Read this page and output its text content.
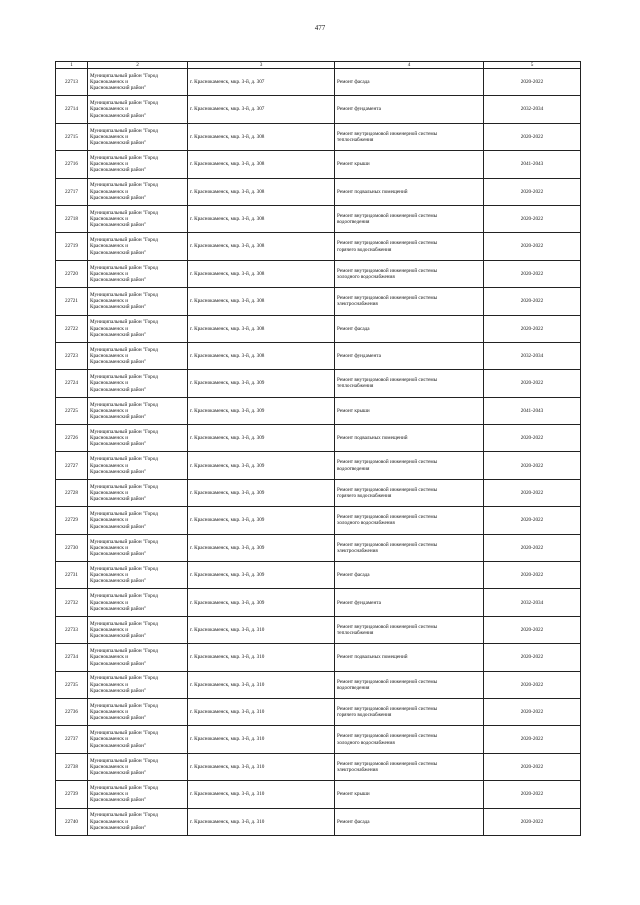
477
1	2	3	4	5
22713	Муниципальный район "Город
Краснокаменск и
Краснокаменский район"	г. Краснокаменск, мкр. 3-й, д. 307	Ремонт фасада	2020-2022
22714	Муниципальный район "Город
Краснокаменск и
Краснокаменский район"	г. Краснокаменск, мкр. 3-й, д. 307	Ремонт фундамента	2032-2034
22715	Муниципальный район "Город
Краснокаменск и
Краснокаменский район"	г. Краснокаменск, мкр. 3-й, д. 308	Ремонт внутридомовой инженерной системы
теплоснабжения	2020-2022
22716	Муниципальный район "Город
Краснокаменск и
Краснокаменский район"	г. Краснокаменск, мкр. 3-й, д. 308	Ремонт крыши	2041-2043
22717	Муниципальный район "Город
Краснокаменск и
Краснокаменский район"	г. Краснокаменск, мкр. 3-й, д. 308	Ремонт подвальных помещений	2020-2022
22718	Муниципальный район "Город
Краснокаменск и
Краснокаменский район"	г. Краснокаменск, мкр. 3-й, д. 308	Ремонт внутридомовой инженерной системы
водоотведения	2020-2022
22719	Муниципальный район "Город
Краснокаменск и
Краснокаменский район"	г. Краснокаменск, мкр. 3-й, д. 308	Ремонт внутридомовой инженерной системы
горячего водоснабжения	2020-2022
22720	Муниципальный район "Город
Краснокаменск и
Краснокаменский район"	г. Краснокаменск, мкр. 3-й, д. 308	Ремонт внутридомовой инженерной системы
холодного водоснабжения	2020-2022
22721	Муниципальный район "Город
Краснокаменск и
Краснокаменский район"	г. Краснокаменск, мкр. 3-й, д. 308	Ремонт внутридомовой инженерной системы
электроснабжения	2020-2022
22722	Муниципальный район "Город
Краснокаменск и
Краснокаменский район"	г. Краснокаменск, мкр. 3-й, д. 308	Ремонт фасада	2020-2022
22723	Муниципальный район "Город
Краснокаменск и
Краснокаменский район"	г. Краснокаменск, мкр. 3-й, д. 308	Ремонт фундамента	2032-2034
22724	Муниципальный район "Город
Краснокаменск и
Краснокаменский район"	г. Краснокаменск, мкр. 3-й, д. 309	Ремонт внутридомовой инженерной системы
теплоснабжения	2020-2022
22725	Муниципальный район "Город
Краснокаменск и
Краснокаменский район"	г. Краснокаменск, мкр. 3-й, д. 309	Ремонт крыши	2041-2043
22726	Муниципальный район "Город
Краснокаменск и
Краснокаменский район"	г. Краснокаменск, мкр. 3-й, д. 309	Ремонт подвальных помещений	2020-2022
22727	Муниципальный район "Город
Краснокаменск и
Краснокаменский район"	г. Краснокаменск, мкр. 3-й, д. 309	Ремонт внутридомовой инженерной системы
водоотведения	2020-2022
22728	Муниципальный район "Город
Краснокаменск и
Краснокаменский район"	г. Краснокаменск, мкр. 3-й, д. 309	Ремонт внутридомовой инженерной системы
горячего водоснабжения	2020-2022
22729	Муниципальный район "Город
Краснокаменск и
Краснокаменский район"	г. Краснокаменск, мкр. 3-й, д. 309	Ремонт внутридомовой инженерной системы
холодного водоснабжения	2020-2022
22730	Муниципальный район "Город
Краснокаменск и
Краснокаменский район"	г. Краснокаменск, мкр. 3-й, д. 309	Ремонт внутридомовой инженерной системы
электроснабжения	2020-2022
22731	Муниципальный район "Город
Краснокаменск и
Краснокаменский район"	г. Краснокаменск, мкр. 3-й, д. 309	Ремонт фасада	2020-2022
22732	Муниципальный район "Город
Краснокаменск и
Краснокаменский район"	г. Краснокаменск, мкр. 3-й, д. 309	Ремонт фундамента	2032-2034
22733	Муниципальный район "Город
Краснокаменск и
Краснокаменский район"	г. Краснокаменск, мкр. 3-й, д. 310	Ремонт внутридомовой инженерной системы
теплоснабжения	2020-2022
22734	Муниципальный район "Город
Краснокаменск и
Краснокаменский район"	г. Краснокаменск, мкр. 3-й, д. 310	Ремонт подвальных помещений	2020-2022
22735	Муниципальный район "Город
Краснокаменск и
Краснокаменский район"	г. Краснокаменск, мкр. 3-й, д. 310	Ремонт внутридомовой инженерной системы
водоотведения	2020-2022
22736	Муниципальный район "Город
Краснокаменск и
Краснокаменский район"	г. Краснокаменск, мкр. 3-й, д. 310	Ремонт внутридомовой инженерной системы
горячего водоснабжения	2020-2022
22737	Муниципальный район "Город
Краснокаменск и
Краснокаменский район"	г. Краснокаменск, мкр. 3-й, д. 310	Ремонт внутридомовой инженерной системы
холодного водоснабжения	2020-2022
22738	Муниципальный район "Город
Краснокаменск и
Краснокаменский район"	г. Краснокаменск, мкр. 3-й, д. 310	Ремонт внутридомовой инженерной системы
электроснабжения	2020-2022
22739	Муниципальный район "Город
Краснокаменск и
Краснокаменский район"	г. Краснокаменск, мкр. 3-й, д. 310	Ремонт крыши	2020-2022
22740	Муниципальный район "Город
Краснокаменск и
Краснокаменский район"	г. Краснокаменск, мкр. 3-й, д. 310	Ремонт фасада	2020-2022
